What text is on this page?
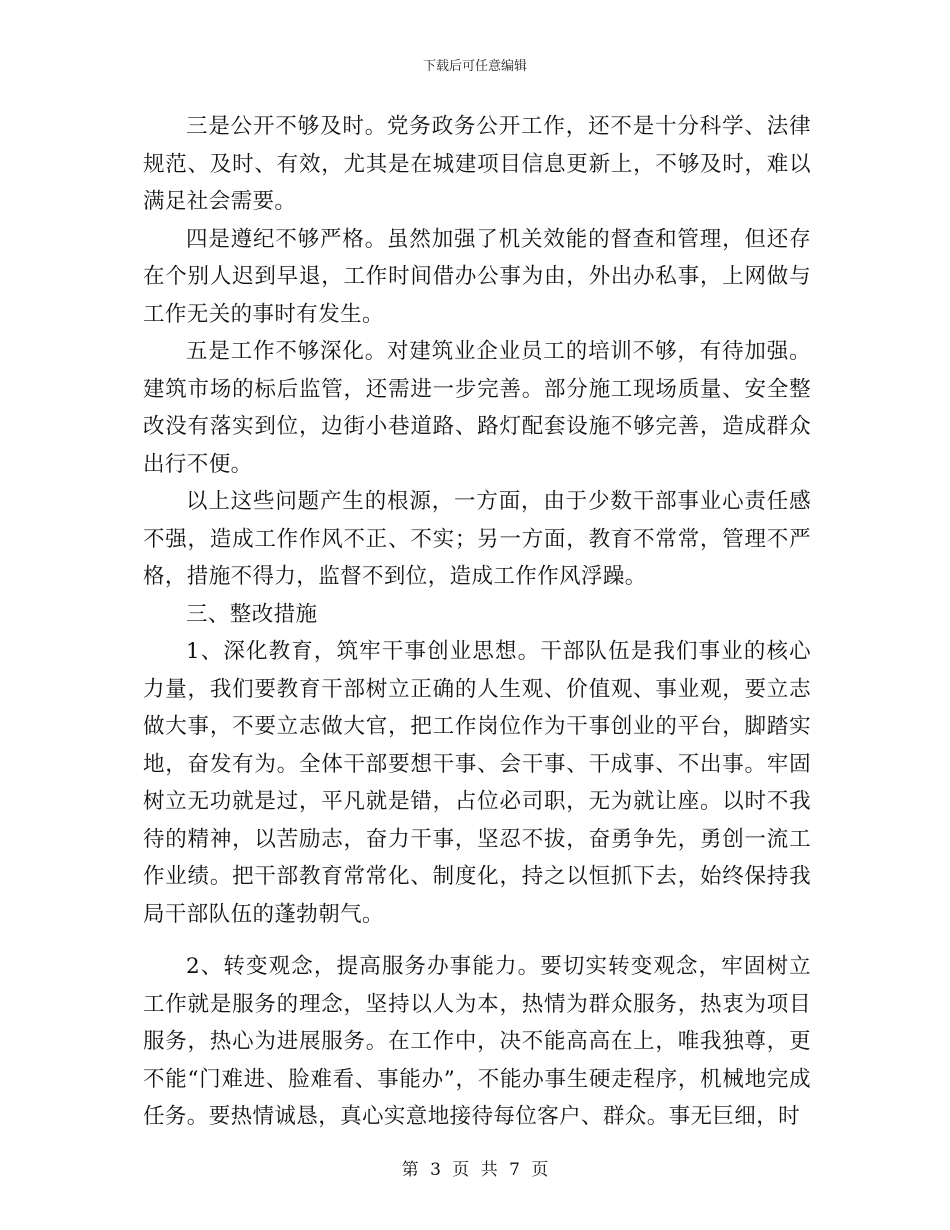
下载后可任意编辑

三是公开不够及时。党务政务公开工作，还不是十分科学、法律规范、及时、有效，尤其是在城建项目信息更新上，不够及时，难以满足社会需要。

四是遵纪不够严格。虽然加强了机关效能的督查和管理，但还存在个别人迟到早退，工作时间借办公事为由，外出办私事，上网做与工作无关的事时有发生。

五是工作不够深化。对建筑业企业员工的培训不够，有待加强。建筑市场的标后监管，还需进一步完善。部分施工现场质量、安全整改没有落实到位，边街小巷道路、路灯配套设施不够完善，造成群众出行不便。

以上这些问题产生的根源，一方面，由于少数干部事业心责任感不强，造成工作作风不正、不实；另一方面，教育不常常，管理不严格，措施不得力，监督不到位，造成工作作风浮躁。

三、整改措施

1、深化教育，筑牢干事创业思想。干部队伍是我们事业的核心力量，我们要教育干部树立正确的人生观、价值观、事业观，要立志做大事，不要立志做大官，把工作岗位作为干事创业的平台，脚踏实地，奋发有为。全体干部要想干事、会干事、干成事、不出事。牢固树立无功就是过，平凡就是错，占位必司职，无为就让座。以时不我待的精神，以苦励志，奋力干事，坚忍不拔，奋勇争先，勇创一流工作业绩。把干部教育常常化、制度化，持之以恒抓下去，始终保持我局干部队伍的蓬勃朝气。

2、转变观念，提高服务办事能力。要切实转变观念，牢固树立工作就是服务的理念，坚持以人为本，热情为群众服务，热衷为项目服务，热心为进展服务。在工作中，决不能高高在上，唯我独尊，更不能“门难进、脸难看、事能办”，不能办事生硬走程序，机械地完成任务。要热情诚恳，真心实意地接待每位客户、群众。事无巨细，时

第 3 页 共 7 页
